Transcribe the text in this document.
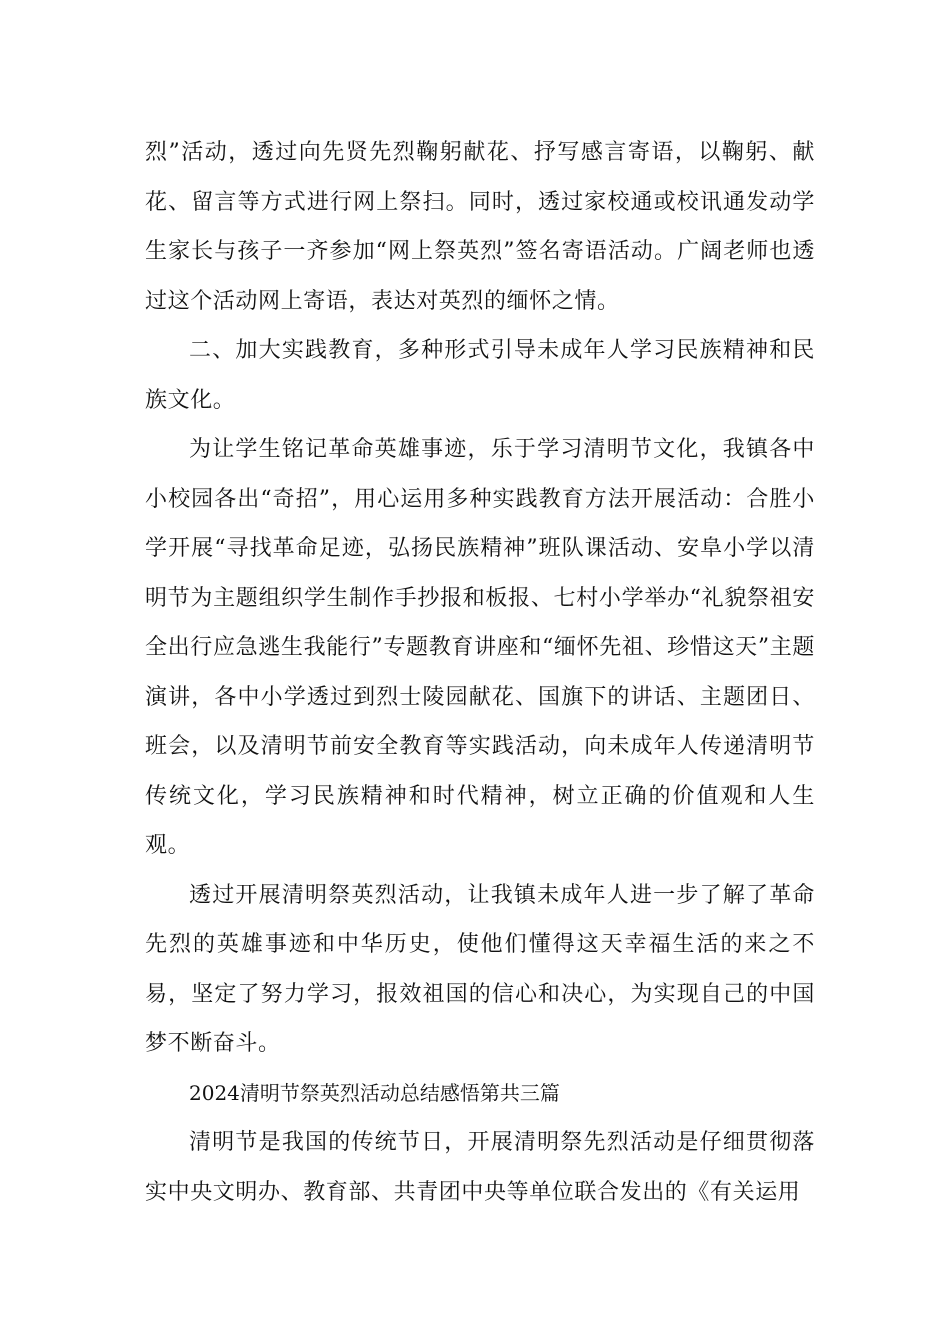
烈”活动，透过向先贤先烈鞠躬献花、抒写感言寄语，以鞠躬、献花、留言等方式进行网上祭扫。同时，透过家校通或校讯通发动学生家长与孩子一齐参加“网上祭英烈”签名寄语活动。广阔老师也透过这个活动网上寄语，表达对英烈的缅怀之情。

二、加大实践教育，多种形式引导未成年人学习民族精神和民族文化。

为让学生铭记革命英雄事迹，乐于学习清明节文化，我镇各中小校园各出“奇招”，用心运用多种实践教育方法开展活动：合胜小学开展“寻找革命足迹，弘扬民族精神”班队课活动、安阜小学以清明节为主题组织学生制作手抄报和板报、七村小学举办“礼貌祭祖安全出行应急逃生我能行”专题教育讲座和“缅怀先祖、珍惜这天”主题演讲，各中小学透过到烈士陵园献花、国旗下的讲话、主题团日、班会，以及清明节前安全教育等实践活动，向未成年人传递清明节传统文化，学习民族精神和时代精神，树立正确的价值观和人生观。

透过开展清明祭英烈活动，让我镇未成年人进一步了解了革命先烈的英雄事迹和中华历史，使他们懂得这天幸福生活的来之不易，坚定了努力学习，报效祖国的信心和决心，为实现自己的中国梦不断奋斗。

2024清明节祭英烈活动总结感悟第共三篇

清明节是我国的传统节日，开展清明祭先烈活动是仔细贯彻落实中央文明办、教育部、共青团中央等单位联合发出的《有关运用
